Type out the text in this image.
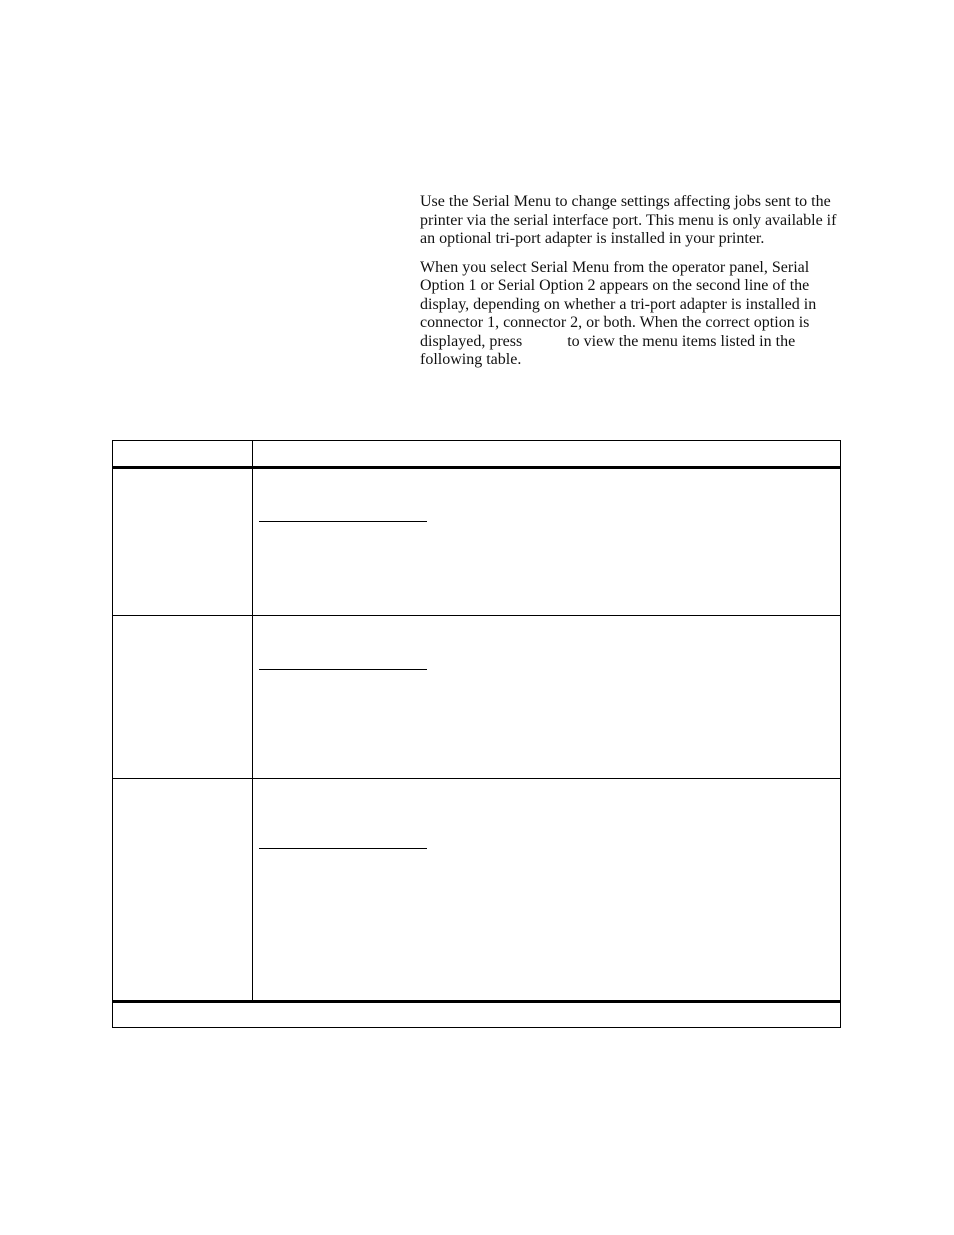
Use the Serial Menu to change settings affecting jobs sent to the printer via the serial interface port. This menu is only available if an optional tri-port adapter is installed in your printer.

When you select Serial Menu from the operator panel, Serial Option 1 or Serial Option 2 appears on the second line of the display, depending on whether a tri-port adapter is installed in connector 1, connector 2, or both. When the correct option is displayed, press	to view the menu items listed in the following table.
